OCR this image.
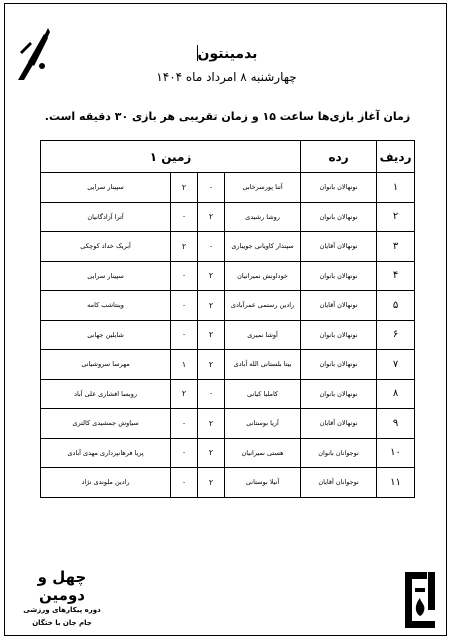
بدمینتون
چهارشنبه ۸ امرداد ماه ۱۴۰۴
زمان آغاز بازی‌ها ساعت ۱۵ و زمان تقریبی هر بازی ۳۰ دقیقه است.
ردیف	رده	زمین ۱			
۱	نونهالان بانوان	آتنا پورسرخابی	۰	۲	سپینار سرایی
۲	نونهالان بانوان	روشا رشیدی	۲	۰	آترا آزادگانیان
۳	نونهالان آقایان	سپندار کاویانی جویباری	۰	۲	آبریک خداد کوچکی
۴	نونهالان بانوان	خوداونش نمیرانیان	۲	۰	سپینار سرایی
۵	نونهالان آقایان	رادین رستمی عمرآبادی	۲	۰	وینتاشب کامه
۶	نونهالان بانوان	آوشا نمیری	۲	۰	شایلین جهانی
۷	نونهالان بانوان	بیتا بلستانی الله آبادی	۲	۱	مهرسا سروشیانی
۸	نونهالان بانوان	کاملیا کیانی	۰	۲	روبسا افشاری علی آباد
۹	نونهالان آقایان	آریا بوستانی	۲	۰	سیاوش جمشیدی کالتری
۱۰	نوجوانان بانوان	هستی نمیرانیان	۲	۰	پریا فرهانپرداری مهدی آبادی
۱۱	نوجوانان آقایان	آنیلا بوستانی	۲	۰	رادین ملوندی نژاد
چهل و دومین
دوره پیکارهای ورزشی
جام جان با ختگان
